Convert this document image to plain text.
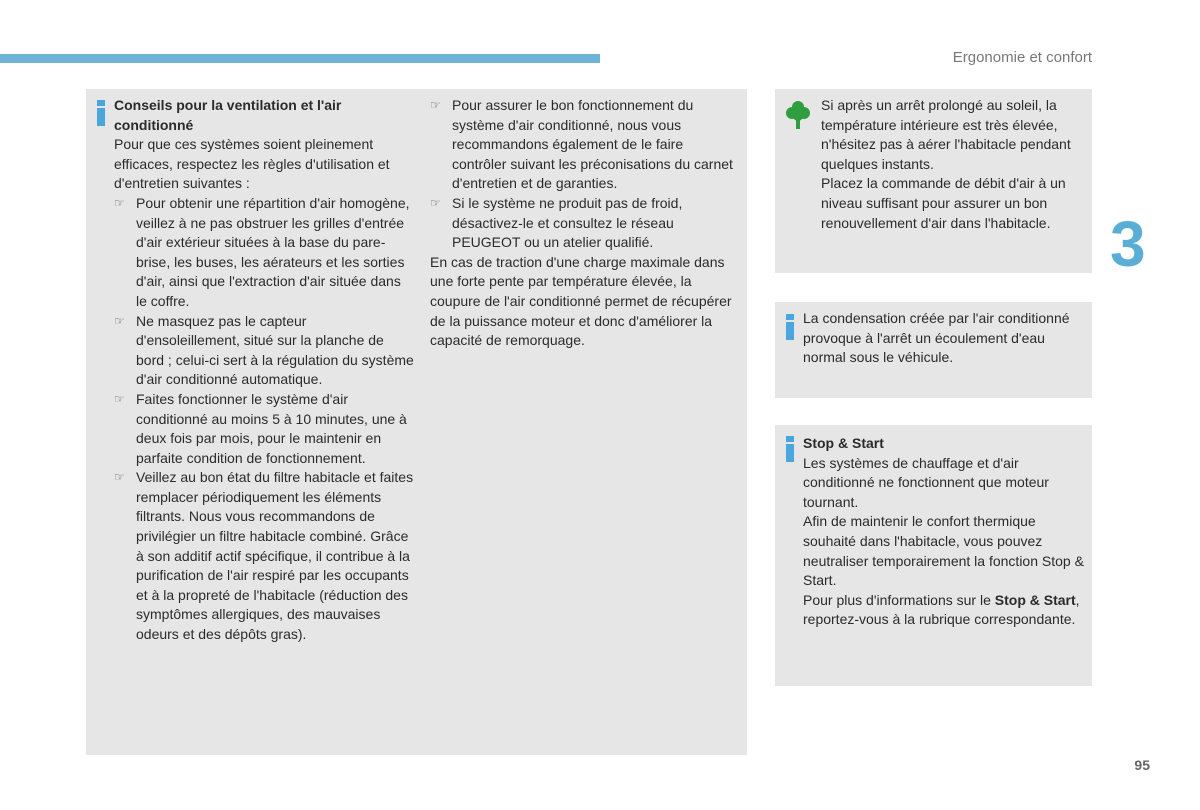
Ergonomie et confort
3

Conseils pour la ventilation et l'air conditionné

Pour que ces systèmes soient pleinement efficaces, respectez les règles d'utilisation et d'entretien suivantes :

☞ Pour obtenir une répartition d'air homogène, veillez à ne pas obstruer les grilles d'entrée d'air extérieur situées à la base du pare-brise, les buses, les aérateurs et les sorties d'air, ainsi que l'extraction d'air située dans le coffre.
☞ Ne masquez pas le capteur d'ensoleillement, situé sur la planche de bord ; celui-ci sert à la régulation du système d'air conditionné automatique.
☞ Faites fonctionner le système d'air conditionné au moins 5 à 10 minutes, une à deux fois par mois, pour le maintenir en parfaite condition de fonctionnement.
☞ Veillez au bon état du filtre habitacle et faites remplacer périodiquement les éléments filtrants. Nous vous recommandons de privilégier un filtre habitacle combiné. Grâce à son additif actif spécifique, il contribue à la purification de l'air respiré par les occupants et à la propreté de l'habitacle (réduction des symptômes allergiques, des mauvaises odeurs et des dépôts gras).
☞ Pour assurer le bon fonctionnement du système d'air conditionné, nous vous recommandons également de le faire contrôler suivant les préconisations du carnet d'entretien et de garanties.
☞ Si le système ne produit pas de froid, désactivez-le et consultez le réseau PEUGEOT ou un atelier qualifié.

En cas de traction d'une charge maximale dans une forte pente par température élevée, la coupure de l'air conditionné permet de récupérer de la puissance moteur et donc d'améliorer la capacité de remorquage.

Si après un arrêt prolongé au soleil, la température intérieure est très élevée, n'hésitez pas à aérer l'habitacle pendant quelques instants.

Placez la commande de débit d'air à un niveau suffisant pour assurer un bon renouvellement d'air dans l'habitacle.

La condensation créée par l'air conditionné provoque à l'arrêt un écoulement d'eau normal sous le véhicule.

Stop & Start

Les systèmes de chauffage et d'air conditionné ne fonctionnent que moteur tournant.

Afin de maintenir le confort thermique souhaité dans l'habitacle, vous pouvez neutraliser temporairement la fonction Stop & Start.

Pour plus d'informations sur le Stop & Start, reportez-vous à la rubrique correspondante.

95
